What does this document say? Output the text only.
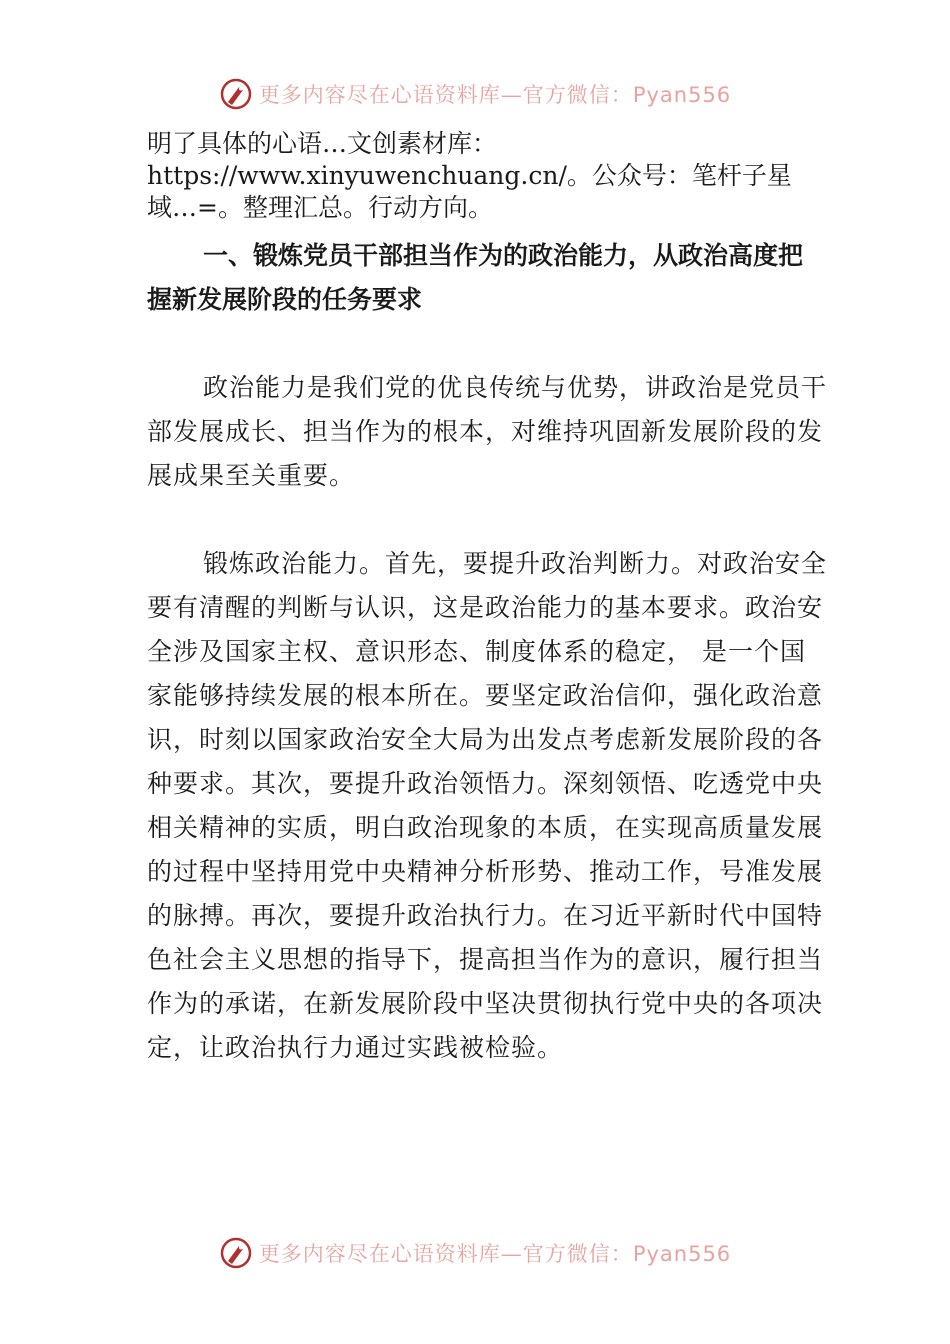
更多内容尽在心语资料库—官方微信：Pyan556

明了具体的心语…文创素材库：https://www.xinyuwenchuang.cn/。公众号：笔杆子星域…=。整理汇总。行动方向。

一、锻炼党员干部担当作为的政治能力，从政治高度把握新发展阶段的任务要求

政治能力是我们党的优良传统与优势，讲政治是党员干部发展成长、担当作为的根本，对维持巩固新发展阶段的发展成果至关重要。

锻炼政治能力。首先，要提升政治判断力。对政治安全要有清醒的判断与认识，这是政治能力的基本要求。政治安全涉及国家主权、意识形态、制度体系的稳定， 是一个国家能够持续发展的根本所在。要坚定政治信仰，强化政治意识，时刻以国家政治安全大局为出发点考虑新发展阶段的各种要求。其次，要提升政治领悟力。深刻领悟、吃透党中央相关精神的实质，明白政治现象的本质，在实现高质量发展的过程中坚持用党中央精神分析形势、推动工作，号准发展的脉搏。再次，要提升政治执行力。在习近平新时代中国特色社会主义思想的指导下，提高担当作为的意识，履行担当作为的承诺，在新发展阶段中坚决贯彻执行党中央的各项决定，让政治执行力通过实践被检验。

更多内容尽在心语资料库—官方微信：Pyan556
